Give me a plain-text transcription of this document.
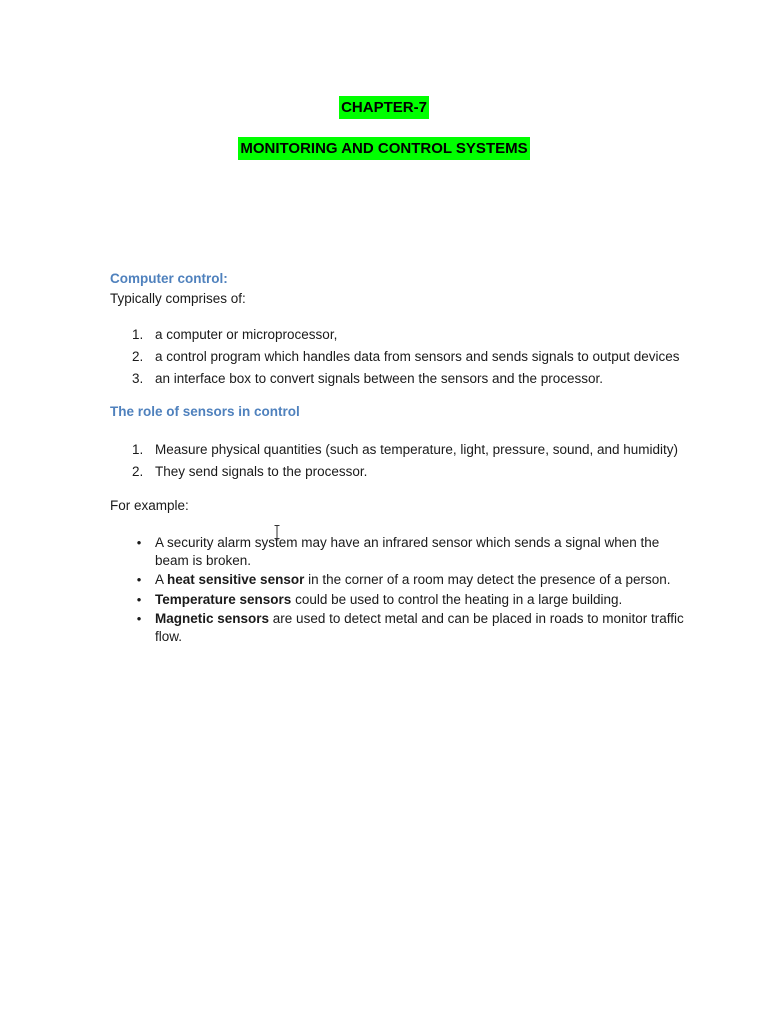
CHAPTER-7
MONITORING AND CONTROL SYSTEMS
Computer control:
Typically comprises of:
1. a computer or microprocessor,
2. a control program which handles data from sensors and sends signals to output devices
3. an interface box to convert signals between the sensors and the processor.
The role of sensors in control
1. Measure physical quantities (such as temperature, light, pressure, sound, and humidity)
2. They send signals to the processor.
For example:
• A security alarm system may have an infrared sensor which sends a signal when the beam is broken.
• A heat sensitive sensor in the corner of a room may detect the presence of a person.
• Temperature sensors could be used to control the heating in a large building.
• Magnetic sensors are used to detect metal and can be placed in roads to monitor traffic flow.
